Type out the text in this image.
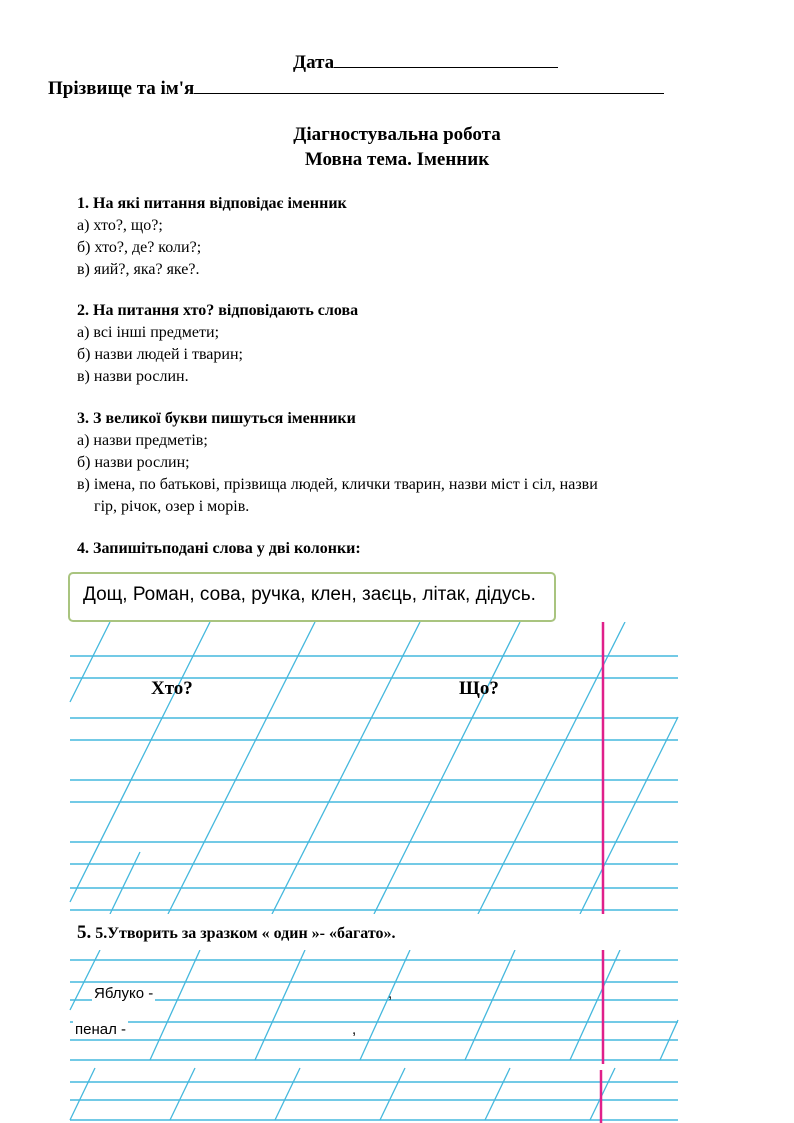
Дата
Прізвище та ім'я
Діагностувальна робота
Мовна тема. Іменник
1. На які питання відповідає іменник
а) хто?, що?;
б) хто?, де? коли?;
в) яий?, яка? яке?.
2. На питання хто? відповідають слова
а) всі інші предмети;
б) назви людей і тварин;
в) назви рослин.
3. З великої букви пишуться іменники
а) назви предметів;
б) назви рослин;
в) імена, по батькові, прізвища людей, клички тварин, назви міст і сіл, назви
гір, річок, озер і морів.
4. Запишітьподані слова у дві колонки:
Дощ, Роман, сова, ручка, клен, заєць, літак, дідусь.
Хто?	Що?
5. 5.Утворить за зразком « один »- «багато».
Яблуко -	,
пенал -	,
